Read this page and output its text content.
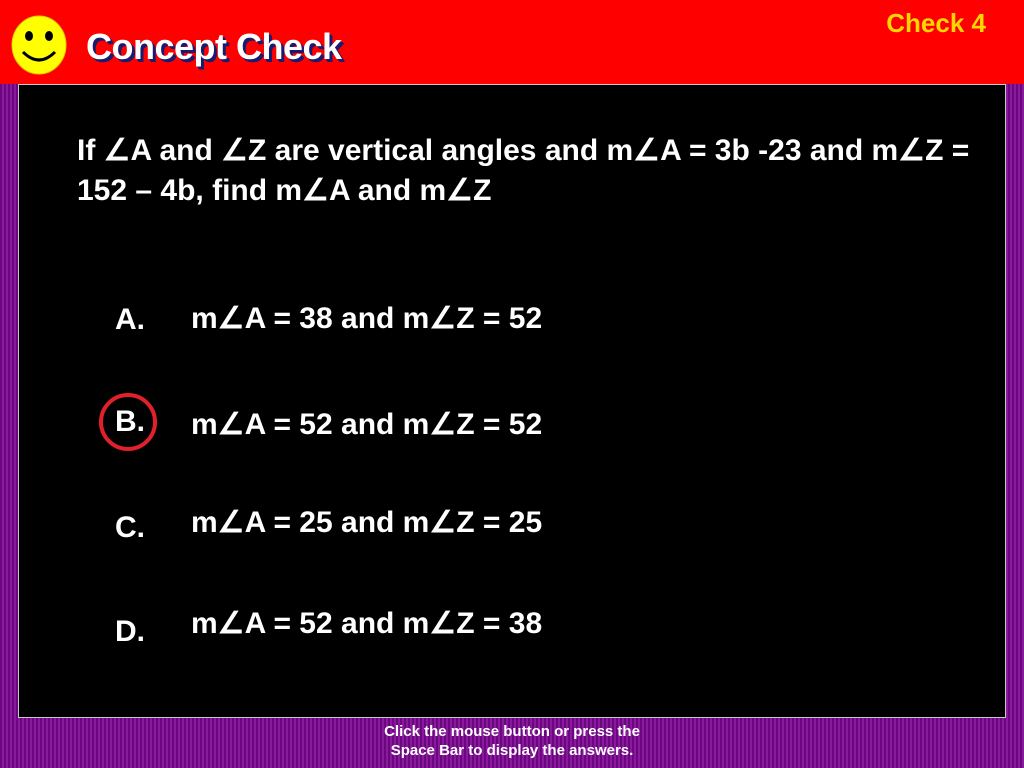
Concept Check
Check 4
If ∠A and ∠Z are vertical angles and m∠A = 3b -23 and m∠Z = 152 – 4b, find m∠A and m∠Z
A. m∠A = 38 and m∠Z = 52
B. m∠A = 52 and m∠Z = 52
C. m∠A = 25 and m∠Z = 25
D. m∠A = 52 and m∠Z = 38
Click the mouse button or press the
Space Bar to display the answers.
